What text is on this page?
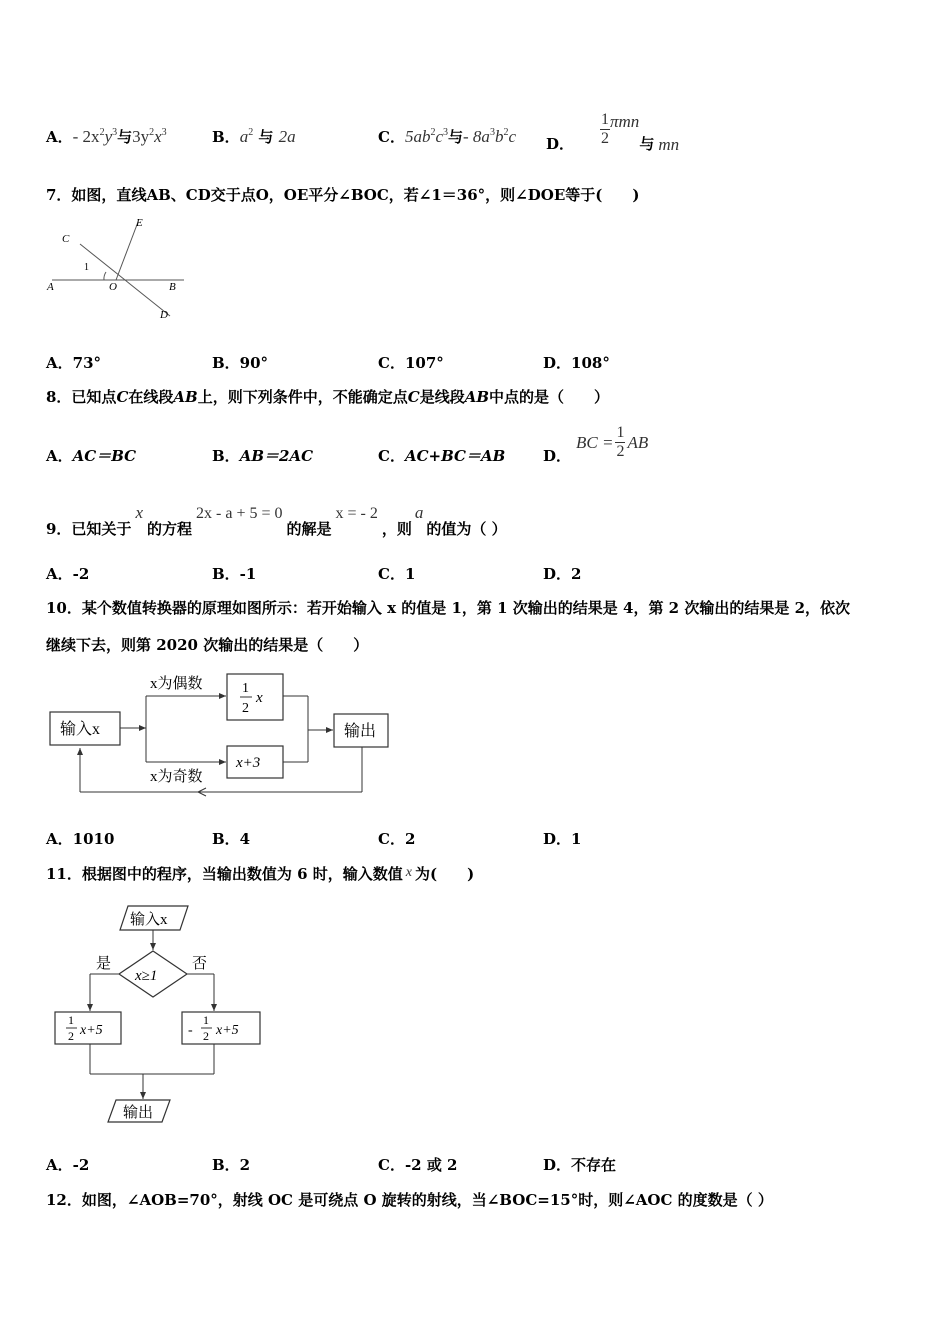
A．- $2x^2y^3$与$3y^2x^3$	B．$a^2$ 与 2a	C．$5ab^2c^3$与- $8a^3b^2c$ D． $\frac{1}{2}$ πmn
与 mn
7．如图，直线AB、CD交于点O，OE平分∠BOC，若∠1＝36°，则∠DOE等于(　　)
C
E
1
A	O	B
D
A．73°	B．90°	C．107°	D．108°
8．已知点C在线段AB上，则下列条件中，不能确定点C是线段AB中点的是（　　）
A．AC＝BC	B．AB＝2AC	C．AC+BC＝AB	D．
BC = $\frac{1}{2}$ AB
9．已知关于x的方程2x - a + 5 = 0的解是x = - 2，则a的值为（ ）
A．-2	B．-1	C．1	D．2
10．某个数值转换器的原理如图所示：若开始输入 x 的值是 1，第 1 次输出的结果是 4，第 2 次输出的结果是 2，依次
继续下去，则第 2020 次输出的结果是（　　）
输入x
x为偶数
x为奇数
1
2
x
x+3
输出
A．1010	B．4	C．2	D．1
11．根据图中的程序，当输出数值为 6 时，输入数值 x 为(　　)
输入x
x≥1
是	否
1
2 x+5	-
1
2 x+5
输出
A．-2	B．2	C．-2 或 2	D．不存在
12．如图，∠AOB=70°，射线 OC 是可绕点 O 旋转的射线，当∠BOC=15°时，则∠AOC 的度数是（ ）
